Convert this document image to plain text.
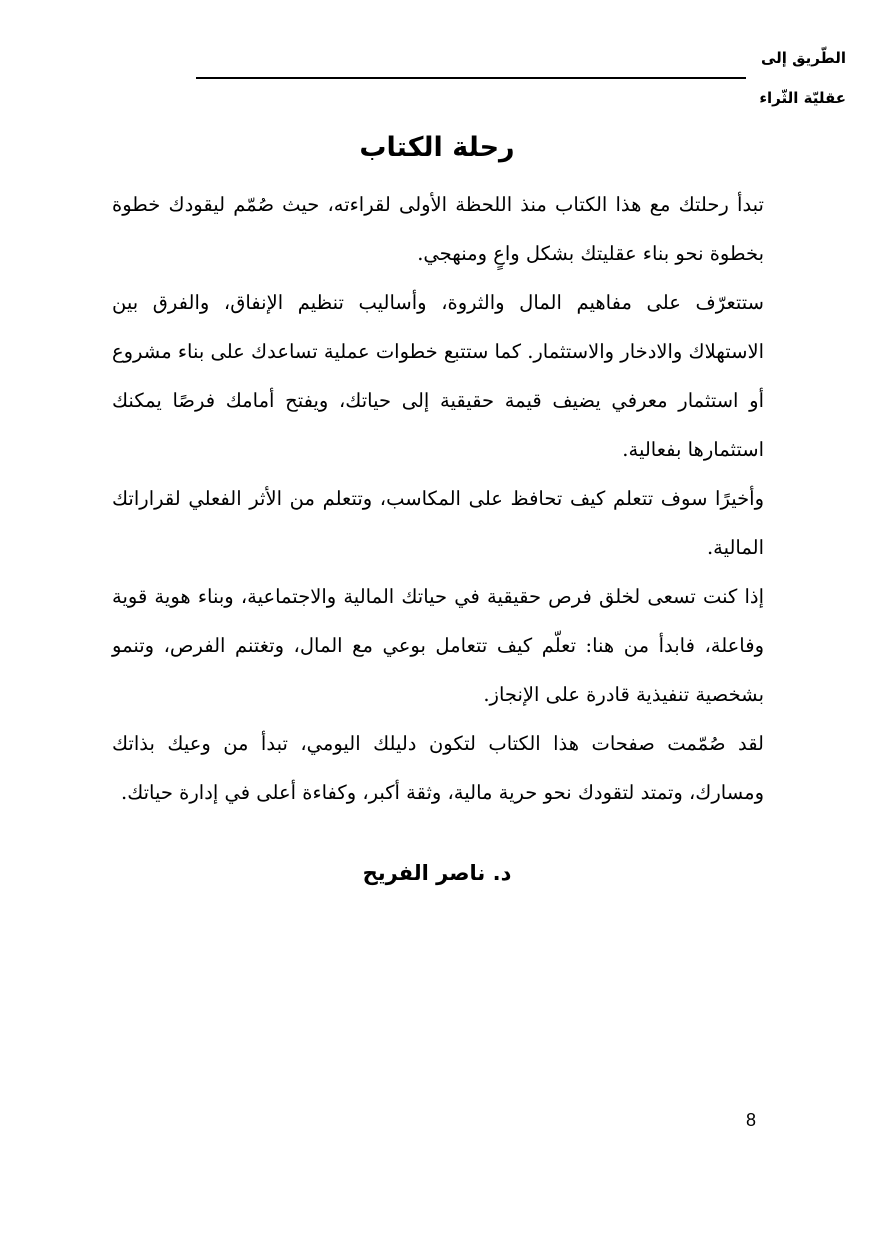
الطّريق إلى
عقليّة الثّراء
رحلة الكتاب

تبدأ رحلتك مع هذا الكتاب منذ اللحظة الأولى لقراءته، حيث صُمّم ليقودك خطوة بخطوة نحو بناء عقليتك بشكل واعٍ ومنهجي.

ستتعرّف على مفاهيم المال والثروة، وأساليب تنظيم الإنفاق، والفرق بين الاستهلاك والادخار والاستثمار. كما ستتبع خطوات عملية تساعدك على بناء مشروع أو استثمار معرفي يضيف قيمة حقيقية إلى حياتك، ويفتح أمامك فرصًا يمكنك استثمارها بفعالية.

وأخيرًا سوف تتعلم كيف تحافظ على المكاسب، وتتعلم من الأثر الفعلي لقراراتك المالية.

إذا كنت تسعى لخلق فرص حقيقية في حياتك المالية والاجتماعية، وبناء هوية قوية وفاعلة، فابدأ من هنا: تعلّم كيف تتعامل بوعي مع المال، وتغتنم الفرص، وتنمو بشخصية تنفيذية قادرة على الإنجاز.

لقد صُمّمت صفحات هذا الكتاب لتكون دليلك اليومي، تبدأ من وعيك بذاتك ومسارك، وتمتد لتقودك نحو حرية مالية، وثقة أكبر، وكفاءة أعلى في إدارة حياتك.

د. ناصر الفريح
8
